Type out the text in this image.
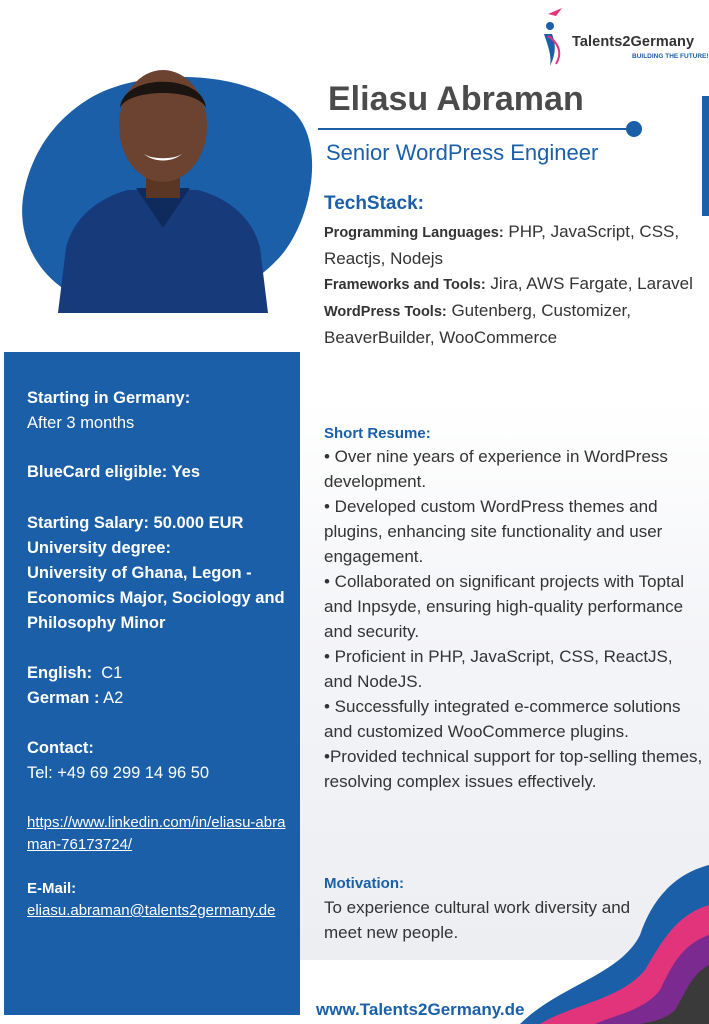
Talents2Germany
BUILDING THE FUTURE!
Eliasu Abraman
Senior WordPress Engineer
TechStack:
Programming Languages: PHP, JavaScript, CSS, Reactjs, Nodejs
Frameworks and Tools: Jira, AWS Fargate, Laravel
WordPress Tools: Gutenberg, Customizer, BeaverBuilder, WooCommerce
Short Resume:
• Over nine years of experience in WordPress development.
• Developed custom WordPress themes and plugins, enhancing site functionality and user engagement.
• Collaborated on significant projects with Toptal and Inpsyde, ensuring high-quality performance and security.
• Proficient in PHP, JavaScript, CSS, ReactJS, and NodeJS.
• Successfully integrated e-commerce solutions and customized WooCommerce plugins.
•Provided technical support for top-selling themes, resolving complex issues effectively.
Motivation:
To experience cultural work diversity and meet new people.
Starting in Germany:
After 3 months
BlueCard eligible: Yes
Starting Salary: 50.000 EUR
University degree:
University of Ghana, Legon - Economics Major, Sociology and Philosophy Minor
English:  C1
German : A2
Contact:
Tel: +49 69 299 14 96 50
https://www.linkedin.com/in/eliasu-abraman-76173724/
E-Mail:
eliasu.abraman@talents2germany.de
www.Talents2Germany.de
